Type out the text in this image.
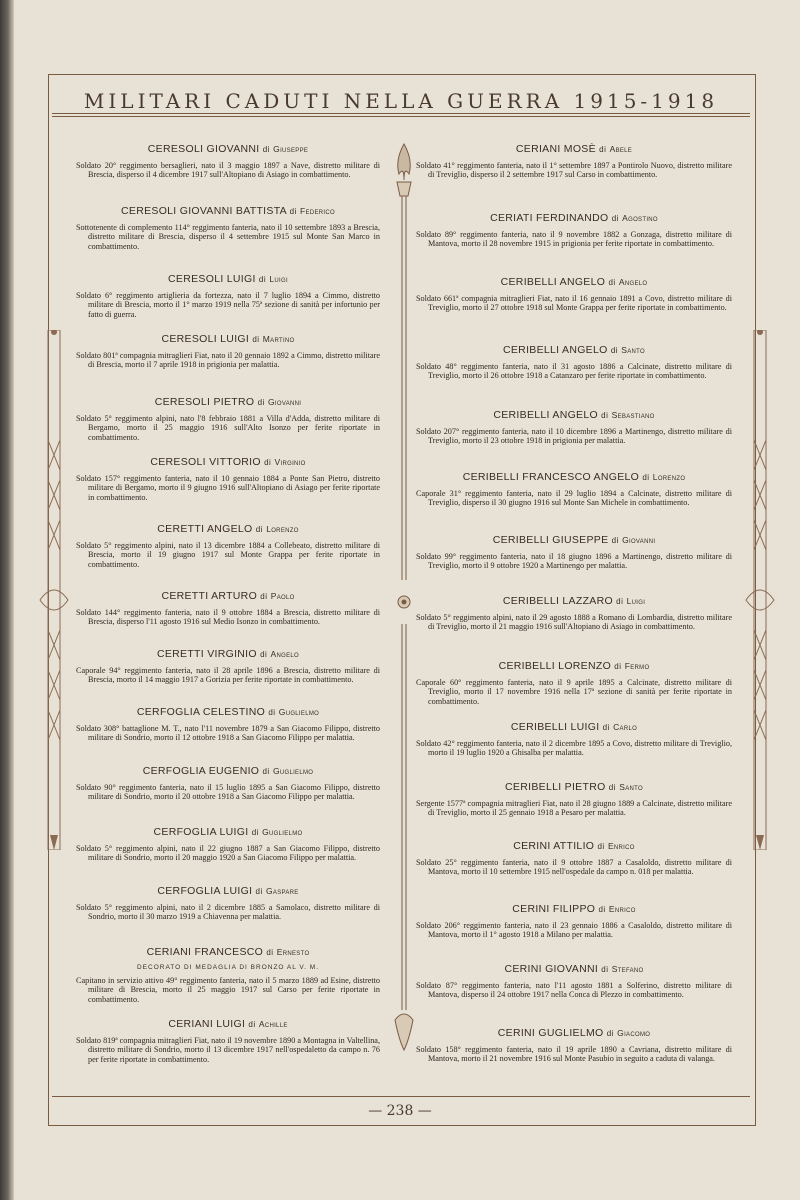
MILITARI CADUTI NELLA GUERRA 1915-1918
CERESOLI GIOVANNI di Giuseppe
Soldato 20° reggimento bersaglieri, nato il 3 maggio 1897 a Nave, distretto militare di Brescia, disperso il 4 dicembre 1917 sull'Altopiano di Asiago in combattimento.
CERESOLI GIOVANNI BATTISTA di Federico
Sottotenente di complemento 114° reggimento fanteria, nato il 10 settembre 1893 a Brescia, distretto militare di Brescia, disperso il 4 settembre 1915 sul Monte San Marco in combattimento.
CERESOLI LUIGI di Luigi
Soldato 6° reggimento artiglieria da fortezza, nato il 7 luglio 1894 a Cimmo, distretto militare di Brescia, morto il 1° marzo 1919 nella 75ª sezione di sanità per infortunio per fatto di guerra.
CERESOLI LUIGI di Martino
Soldato 801ª compagnia mitraglieri Fiat, nato il 20 gennaio 1892 a Cimmo, distretto militare di Brescia, morto il 7 aprile 1918 in prigionia per malattia.
CERESOLI PIETRO di Giovanni
Soldato 5° reggimento alpini, nato l'8 febbraio 1881 a Villa d'Adda, distretto militare di Bergamo, morto il 25 maggio 1916 sull'Alto Isonzo per ferite riportate in combattimento.
CERESOLI VITTORIO di Virginio
Soldato 157° reggimento fanteria, nato il 10 gennaio 1884 a Ponte San Pietro, distretto militare di Bergamo, morto il 9 giugno 1916 sull'Altopiano di Asiago per ferite riportate in combattimento.
CERETTI ANGELO di Lorenzo
Soldato 5° reggimento alpini, nato il 13 dicembre 1884 a Collebeato, distretto militare di Brescia, morto il 19 giugno 1917 sul Monte Grappa per ferite riportate in combattimento.
CERETTI ARTURO di Paolo
Soldato 144° reggimento fanteria, nato il 9 ottobre 1884 a Brescia, distretto militare di Brescia, disperso l'11 agosto 1916 sul Medio Isonzo in combattimento.
CERETTI VIRGINIO di Angelo
Caporale 94° reggimento fanteria, nato il 28 aprile 1896 a Brescia, distretto militare di Brescia, morto il 14 maggio 1917 a Gorizia per ferite riportate in combattimento.
CERFOGLIA CELESTINO di Guglielmo
Soldato 308° battaglione M. T., nato l'11 novembre 1879 a San Giacomo Filippo, distretto militare di Sondrio, morto il 12 ottobre 1918 a San Giacomo Filippo per malattia.
CERFOGLIA EUGENIO di Guglielmo
Soldato 90° reggimento fanteria, nato il 15 luglio 1895 a San Giacomo Filippo, distretto militare di Sondrio, morto il 20 ottobre 1918 a San Giacomo Filippo per malattia.
CERFOGLIA LUIGI di Guglielmo
Soldato 5° reggimento alpini, nato il 22 giugno 1887 a San Giacomo Filippo, distretto militare di Sondrio, morto il 20 maggio 1920 a San Giacomo Filippo per malattia.
CERFOGLIA LUIGI di Gaspare
Soldato 5° reggimento alpini, nato il 2 dicembre 1885 a Samolaco, distretto militare di Sondrio, morto il 30 marzo 1919 a Chiavenna per malattia.
CERIANI FRANCESCO di Ernesto
DECORATO DI MEDAGLIA DI BRONZO AL V. M.
Capitano in servizio attivo 49° reggimento fanteria, nato il 5 marzo 1889 ad Esine, distretto militare di Brescia, morto il 25 maggio 1917 sul Carso per ferite riportate in combattimento.
CERIANI LUIGI di Achille
Soldato 819ª compagnia mitraglieri Fiat, nato il 19 novembre 1890 a Montagna in Valtellina, distretto militare di Sondrio, morto il 13 dicembre 1917 nell'ospedaletto da campo n. 76 per ferite riportate in combattimento.
CERIANI MOSÈ di Abele
Soldato 41° reggimento fanteria, nato il 1° settembre 1897 a Pontirolo Nuovo, distretto militare di Treviglio, disperso il 2 settembre 1917 sul Carso in combattimento.
CERIATI FERDINANDO di Agostino
Soldato 89° reggimento fanteria, nato il 9 novembre 1882 a Gonzaga, distretto militare di Mantova, morto il 28 novembre 1915 in prigionia per ferite riportate in combattimento.
CERIBELLI ANGELO di Angelo
Soldato 661ª compagnia mitraglieri Fiat, nato il 16 gennaio 1891 a Covo, distretto militare di Treviglio, morto il 27 ottobre 1918 sul Monte Grappa per ferite riportate in combattimento.
CERIBELLI ANGELO di Santo
Soldato 48° reggimento fanteria, nato il 31 agosto 1886 a Calcinate, distretto militare di Treviglio, morto il 26 ottobre 1918 a Catanzaro per ferite riportate in combattimento.
CERIBELLI ANGELO di Sebastiano
Soldato 207° reggimento fanteria, nato il 10 dicembre 1896 a Martinengo, distretto militare di Treviglio, morto il 23 ottobre 1918 in prigionia per malattia.
CERIBELLI FRANCESCO ANGELO di Lorenzo
Caporale 31° reggimento fanteria, nato il 29 luglio 1894 a Calcinate, distretto militare di Treviglio, disperso il 30 giugno 1916 sul Monte San Michele in combattimento.
CERIBELLI GIUSEPPE di Giovanni
Soldato 99° reggimento fanteria, nato il 18 giugno 1896 a Martinengo, distretto militare di Treviglio, morto il 9 ottobre 1920 a Martinengo per malattia.
CERIBELLI LAZZARO di Luigi
Soldato 5° reggimento alpini, nato il 29 agosto 1888 a Romano di Lombardia, distretto militare di Treviglio, morto il 21 maggio 1916 sull'Altopiano di Asiago in combattimento.
CERIBELLI LORENZO di Fermo
Caporale 60° reggimento fanteria, nato il 9 aprile 1895 a Calcinate, distretto militare di Treviglio, morto il 17 novembre 1916 nella 17ª sezione di sanità per ferite riportate in combattimento.
CERIBELLI LUIGI di Carlo
Soldato 42° reggimento fanteria, nato il 2 dicembre 1895 a Covo, distretto militare di Treviglio, morto il 19 luglio 1920 a Ghisalba per malattia.
CERIBELLI PIETRO di Santo
Sergente 1577ª compagnia mitraglieri Fiat, nato il 28 giugno 1889 a Calcinate, distretto militare di Treviglio, morto il 25 gennaio 1918 a Pesaro per malattia.
CERINI ATTILIO di Enrico
Soldato 25° reggimento fanteria, nato il 9 ottobre 1887 a Casaloldo, distretto militare di Mantova, morto il 10 settembre 1915 nell'ospedale da campo n. 018 per malattia.
CERINI FILIPPO di Enrico
Soldato 206° reggimento fanteria, nato il 23 gennaio 1886 a Casaloldo, distretto militare di Mantova, morto il 1° agosto 1918 a Milano per malattia.
CERINI GIOVANNI di Stefano
Soldato 87° reggimento fanteria, nato l'11 agosto 1881 a Solferino, distretto militare di Mantova, disperso il 24 ottobre 1917 nella Conca di Plezzo in combattimento.
CERINI GUGLIELMO di Giacomo
Soldato 158° reggimento fanteria, nato il 19 aprile 1890 a Cavriana, distretto militare di Mantova, morto il 21 novembre 1916 sul Monte Pasubio in seguito a caduta di valanga.
— 238 —
